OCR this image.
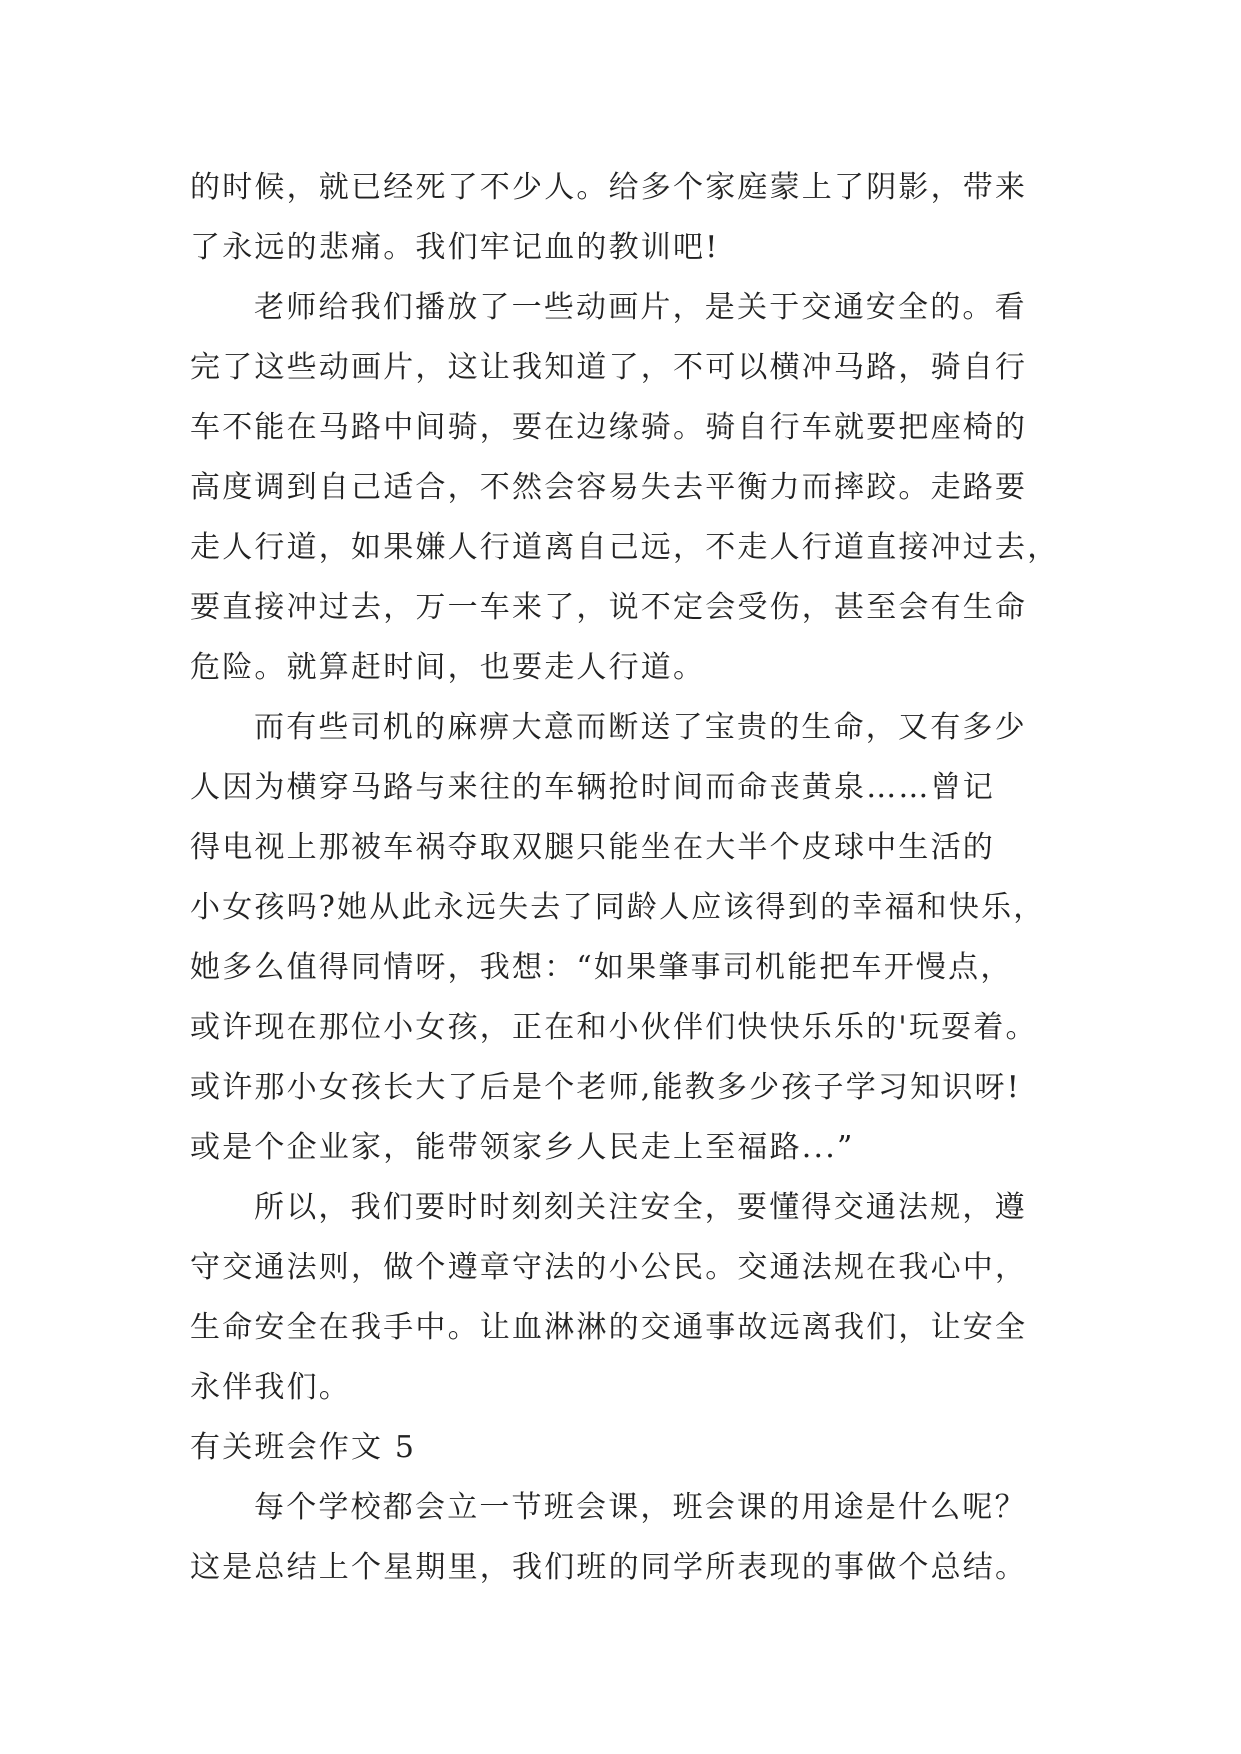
的时候，就已经死了不少人。给多个家庭蒙上了阴影，带来
了永远的悲痛。我们牢记血的教训吧!
老师给我们播放了一些动画片，是关于交通安全的。看
完了这些动画片，这让我知道了，不可以横冲马路，骑自行
车不能在马路中间骑，要在边缘骑。骑自行车就要把座椅的
高度调到自己适合，不然会容易失去平衡力而摔跤。走路要
走人行道，如果嫌人行道离自己远，不走人行道直接冲过去，
要直接冲过去，万一车来了，说不定会受伤，甚至会有生命
危险。就算赶时间，也要走人行道。
而有些司机的麻痹大意而断送了宝贵的生命，又有多少
人因为横穿马路与来往的车辆抢时间而命丧黄泉……曾记
得电视上那被车祸夺取双腿只能坐在大半个皮球中生活的
小女孩吗?她从此永远失去了同龄人应该得到的幸福和快乐，
她多么值得同情呀，我想：“如果肇事司机能把车开慢点，
或许现在那位小女孩，正在和小伙伴们快快乐乐的'玩耍着。
或许那小女孩长大了后是个老师,能教多少孩子学习知识呀!
或是个企业家，能带领家乡人民走上至福路...”
所以，我们要时时刻刻关注安全，要懂得交通法规，遵
守交通法则，做个遵章守法的小公民。交通法规在我心中，
生命安全在我手中。让血淋淋的交通事故远离我们，让安全
永伴我们。
有关班会作文 5
每个学校都会立一节班会课，班会课的用途是什么呢？
这是总结上个星期里，我们班的同学所表现的事做个总结。
